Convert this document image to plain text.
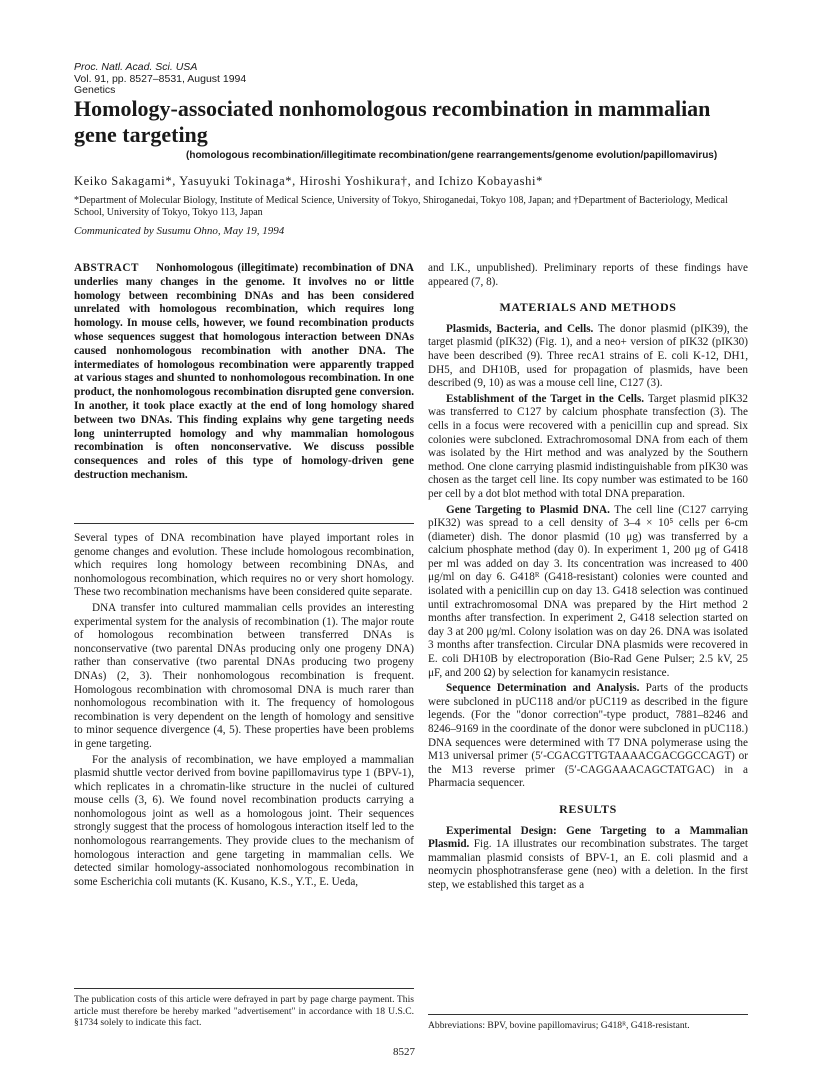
Proc. Natl. Acad. Sci. USA
Vol. 91, pp. 8527–8531, August 1994
Genetics
Homology-associated nonhomologous recombination in mammalian gene targeting
(homologous recombination/illegitimate recombination/gene rearrangements/genome evolution/papillomavirus)
Keiko Sakagami*, Yasuyuki Tokinaga*, Hiroshi Yoshikura†, and Ichizo Kobayashi*
*Department of Molecular Biology, Institute of Medical Science, University of Tokyo, Shiroganedai, Tokyo 108, Japan; and †Department of Bacteriology, Medical School, University of Tokyo, Tokyo 113, Japan
Communicated by Susumu Ohno, May 19, 1994
ABSTRACT Nonhomologous (illegitimate) recombination of DNA underlies many changes in the genome. It involves no or little homology between recombining DNAs and has been considered unrelated with homologous recombination, which requires long homology. In mouse cells, however, we found recombination products whose sequences suggest that homologous interaction between DNAs caused nonhomologous recombination with another DNA. The intermediates of homologous recombination were apparently trapped at various stages and shunted to nonhomologous recombination. In one product, the nonhomologous recombination disrupted gene conversion. In another, it took place exactly at the end of long homology shared between two DNAs. This finding explains why gene targeting needs long uninterrupted homology and why mammalian homologous recombination is often nonconservative. We discuss possible consequences and roles of this type of homology-driven gene destruction mechanism.

Several types of DNA recombination have played important roles in genome changes and evolution. These include homologous recombination, which requires long homology between recombining DNAs, and nonhomologous recombination, which requires no or very short homology. These two recombination mechanisms have been considered quite separate.

DNA transfer into cultured mammalian cells provides an interesting experimental system for the analysis of recombination (1). The major route of homologous recombination between transferred DNAs is nonconservative (two parental DNAs producing only one progeny DNA) rather than conservative (two parental DNAs producing two progeny DNAs) (2, 3). Their nonhomologous recombination is frequent. Homologous recombination with chromosomal DNA is much rarer than nonhomologous recombination with it. The frequency of homologous recombination is very dependent on the length of homology and sensitive to minor sequence divergence (4, 5). These properties have been problems in gene targeting.

For the analysis of recombination, we have employed a mammalian plasmid shuttle vector derived from bovine papillomavirus type 1 (BPV-1), which replicates in a chromatin-like structure in the nuclei of cultured mouse cells (3, 6). We found novel recombination products carrying a nonhomologous joint as well as a homologous joint. Their sequences strongly suggest that the process of homologous interaction itself led to the nonhomologous rearrangements. They provide clues to the mechanism of homologous interaction and gene targeting in mammalian cells. We detected similar homology-associated nonhomologous recombination in some Escherichia coli mutants (K. Kusano, K.S., Y.T., E. Ueda,

and I.K., unpublished). Preliminary reports of these findings have appeared (7, 8).

MATERIALS AND METHODS

Plasmids, Bacteria, and Cells. The donor plasmid (pIK39), the target plasmid (pIK32) (Fig. 1), and a neo+ version of pIK32 (pIK30) have been described (9). Three recA1 strains of E. coli K-12, DH1, DH5, and DH10B, used for propagation of plasmids, have been described (9, 10) as was a mouse cell line, C127 (3).

Establishment of the Target in the Cells. Target plasmid pIK32 was transferred to C127 by calcium phosphate transfection (3). The cells in a focus were recovered with a penicillin cup and spread. Six colonies were subcloned. Extrachromosomal DNA from each of them was isolated by the Hirt method and was analyzed by the Southern method. One clone carrying plasmid indistinguishable from pIK30 was chosen as the target cell line. Its copy number was estimated to be 160 per cell by a dot blot method with total DNA preparation.

Gene Targeting to Plasmid DNA. The cell line (C127 carrying pIK32) was spread to a cell density of 3–4 × 10⁵ cells per 6-cm (diameter) dish. The donor plasmid (10 μg) was transferred by a calcium phosphate method (day 0). In experiment 1, 200 μg of G418 per ml was added on day 3. Its concentration was increased to 400 μg/ml on day 6. G418ᴿ (G418-resistant) colonies were counted and isolated with a penicillin cup on day 13. G418 selection was continued until extrachromosomal DNA was prepared by the Hirt method 2 months after transfection. In experiment 2, G418 selection started on day 3 at 200 μg/ml. Colony isolation was on day 26. DNA was isolated 3 months after transfection. Circular DNA plasmids were recovered in E. coli DH10B by electroporation (Bio-Rad Gene Pulser; 2.5 kV, 25 μF, and 200 Ω) by selection for kanamycin resistance.

Sequence Determination and Analysis. Parts of the products were subcloned in pUC118 and/or pUC119 as described in the figure legends. (For the "donor correction"-type product, 7881–8246 and 8246–9169 in the coordinate of the donor were subcloned in pUC118.) DNA sequences were determined with T7 DNA polymerase using the M13 universal primer (5′-CGACGTTGTAAAACGACGGCCAGT) or the M13 reverse primer (5′-CAGGAAACAGCTATGAC) in a Pharmacia sequencer.

RESULTS

Experimental Design: Gene Targeting to a Mammalian Plasmid. Fig. 1A illustrates our recombination substrates. The target mammalian plasmid consists of BPV-1, an E. coli plasmid and a neomycin phosphotransferase gene (neo) with a deletion. In the first step, we established this target as a

The publication costs of this article were defrayed in part by page charge payment. This article must therefore be hereby marked "advertisement" in accordance with 18 U.S.C. §1734 solely to indicate this fact.	Abbreviations: BPV, bovine papillomavirus; G418ᴿ, G418-resistant.
8527
